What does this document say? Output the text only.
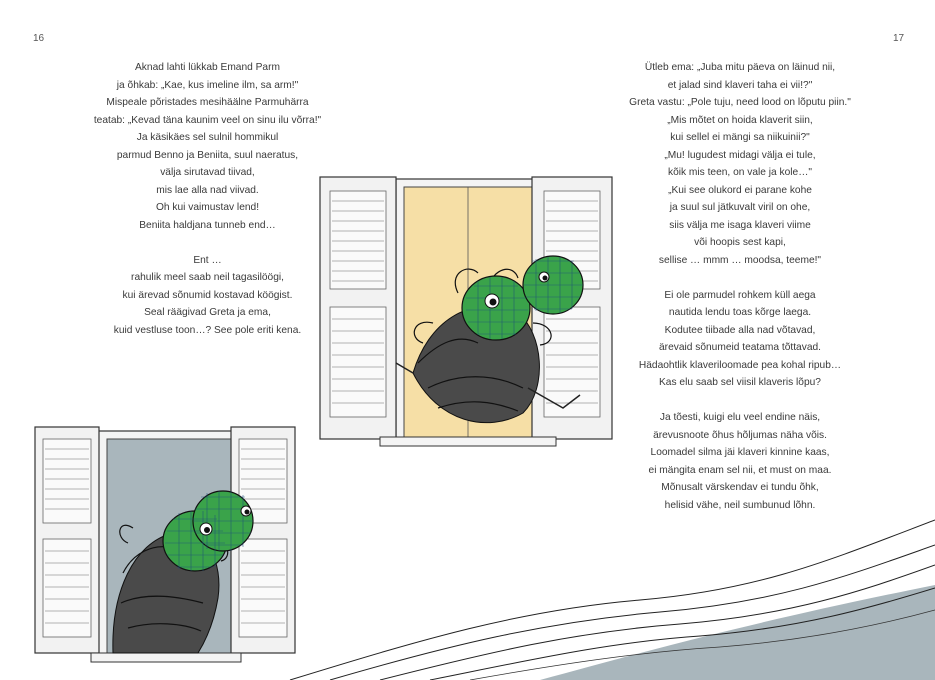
16	17
Aknad lahti lükkab Emand Parm
ja õhkab: „Kae, kus imeline ilm, sa arm!"
Mispeale põristades mesihäälne Parmuhärra
teatab: „Kevad täna kaunim veel on sinu ilu võrra!"
Ja käsikäes sel sulnil hommikul
parmud Benno ja Beniita, suul naeratus,
välja sirutavad tiivad,
mis lae alla nad viivad.
Oh kui vaimustav lend!
Beniita haldjana tunneb end…
Ent …
rahulik meel saab neil tagasilöögi,
kui ärevad sõnumid kostavad köögist.
Seal räägivad Greta ja ema,
kuid vestluse toon…? See pole eriti kena.
Ütleb ema: „Juba mitu päeva on läinud nii,
et jalad sind klaveri taha ei vii!?"
Greta vastu: „Pole tuju, need lood on lõputu piin."
„Mis mõtet on hoida klaverit siin,
kui sellel ei mängi sa niikuinii?"
„Mu! lugudest midagi välja ei tule,
kõik mis teen, on vale ja kole…"
„Kui see olukord ei parane kohe
ja suul sul jätkuvalt viril on ohe,
siis välja me isaga klaveri viime
või hoopis sest kapi,
sellise … mmm … moodsa, teeme!"
Ei ole parmudel rohkem küll aega
nautida lendu toas kõrge laega.
Kodutee tiibade alla nad võtavad,
ärevaid sõnumeid teatama tõttavad.
Hädaohtlik klaveriloomade pea kohal ripub…
Kas elu saab sel viisil klaveris lõpu?
Ja tõesti, kuigi elu veel endine näis,
ärevusnoote õhus hõljumas näha võis.
Loomadel silma jäi klaveri kinnine kaas,
ei mängita enam sel nii, et must on maa.
Mõnusalt värskendav ei tundu õhk,
helisid vähe, neil sumbunud lõhn.
